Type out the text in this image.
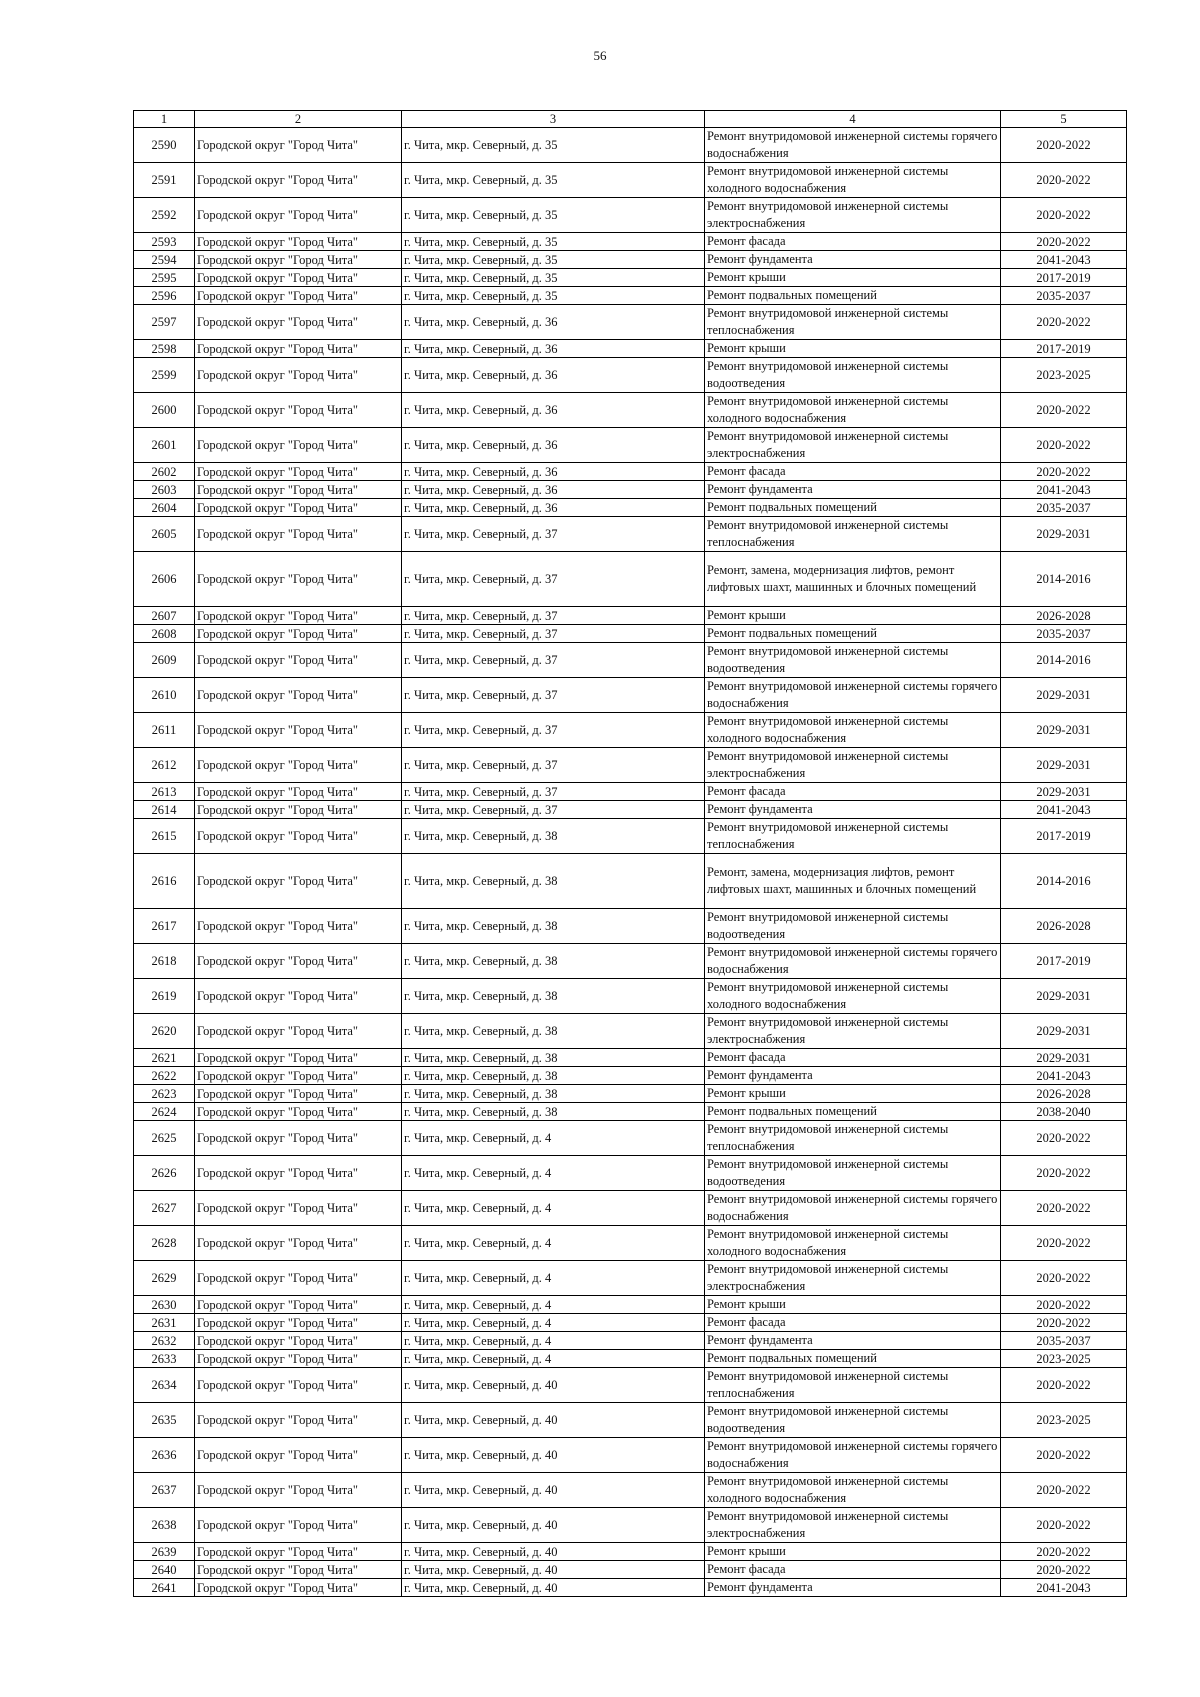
56
1	2	3	4	5
2590	Городской округ "Город Чита"	г. Чита, мкр. Северный, д. 35	Ремонт внутридомовой инженерной системы горячего водоснабжения	2020-2022
2591	Городской округ "Город Чита"	г. Чита, мкр. Северный, д. 35	Ремонт внутридомовой инженерной системы холодного водоснабжения	2020-2022
2592	Городской округ "Город Чита"	г. Чита, мкр. Северный, д. 35	Ремонт внутридомовой инженерной системы электроснабжения	2020-2022
2593	Городской округ "Город Чита"	г. Чита, мкр. Северный, д. 35	Ремонт фасада	2020-2022
2594	Городской округ "Город Чита"	г. Чита, мкр. Северный, д. 35	Ремонт фундамента	2041-2043
2595	Городской округ "Город Чита"	г. Чита, мкр. Северный, д. 35	Ремонт крыши	2017-2019
2596	Городской округ "Город Чита"	г. Чита, мкр. Северный, д. 35	Ремонт подвальных помещений	2035-2037
2597	Городской округ "Город Чита"	г. Чита, мкр. Северный, д. 36	Ремонт внутридомовой инженерной системы теплоснабжения	2020-2022
2598	Городской округ "Город Чита"	г. Чита, мкр. Северный, д. 36	Ремонт крыши	2017-2019
2599	Городской округ "Город Чита"	г. Чита, мкр. Северный, д. 36	Ремонт внутридомовой инженерной системы водоотведения	2023-2025
2600	Городской округ "Город Чита"	г. Чита, мкр. Северный, д. 36	Ремонт внутридомовой инженерной системы холодного водоснабжения	2020-2022
2601	Городской округ "Город Чита"	г. Чита, мкр. Северный, д. 36	Ремонт внутридомовой инженерной системы электроснабжения	2020-2022
2602	Городской округ "Город Чита"	г. Чита, мкр. Северный, д. 36	Ремонт фасада	2020-2022
2603	Городской округ "Город Чита"	г. Чита, мкр. Северный, д. 36	Ремонт фундамента	2041-2043
2604	Городской округ "Город Чита"	г. Чита, мкр. Северный, д. 36	Ремонт подвальных помещений	2035-2037
2605	Городской округ "Город Чита"	г. Чита, мкр. Северный, д. 37	Ремонт внутридомовой инженерной системы теплоснабжения	2029-2031
2606	Городской округ "Город Чита"	г. Чита, мкр. Северный, д. 37	Ремонт, замена, модернизация лифтов, ремонт лифтовых шахт, машинных и блочных помещений	2014-2016
2607	Городской округ "Город Чита"	г. Чита, мкр. Северный, д. 37	Ремонт крыши	2026-2028
2608	Городской округ "Город Чита"	г. Чита, мкр. Северный, д. 37	Ремонт подвальных помещений	2035-2037
2609	Городской округ "Город Чита"	г. Чита, мкр. Северный, д. 37	Ремонт внутридомовой инженерной системы водоотведения	2014-2016
2610	Городской округ "Город Чита"	г. Чита, мкр. Северный, д. 37	Ремонт внутридомовой инженерной системы горячего водоснабжения	2029-2031
2611	Городской округ "Город Чита"	г. Чита, мкр. Северный, д. 37	Ремонт внутридомовой инженерной системы холодного водоснабжения	2029-2031
2612	Городской округ "Город Чита"	г. Чита, мкр. Северный, д. 37	Ремонт внутридомовой инженерной системы электроснабжения	2029-2031
2613	Городской округ "Город Чита"	г. Чита, мкр. Северный, д. 37	Ремонт фасада	2029-2031
2614	Городской округ "Город Чита"	г. Чита, мкр. Северный, д. 37	Ремонт фундамента	2041-2043
2615	Городской округ "Город Чита"	г. Чита, мкр. Северный, д. 38	Ремонт внутридомовой инженерной системы теплоснабжения	2017-2019
2616	Городской округ "Город Чита"	г. Чита, мкр. Северный, д. 38	Ремонт, замена, модернизация лифтов, ремонт лифтовых шахт, машинных и блочных помещений	2014-2016
2617	Городской округ "Город Чита"	г. Чита, мкр. Северный, д. 38	Ремонт внутридомовой инженерной системы водоотведения	2026-2028
2618	Городской округ "Город Чита"	г. Чита, мкр. Северный, д. 38	Ремонт внутридомовой инженерной системы горячего водоснабжения	2017-2019
2619	Городской округ "Город Чита"	г. Чита, мкр. Северный, д. 38	Ремонт внутридомовой инженерной системы холодного водоснабжения	2029-2031
2620	Городской округ "Город Чита"	г. Чита, мкр. Северный, д. 38	Ремонт внутридомовой инженерной системы электроснабжения	2029-2031
2621	Городской округ "Город Чита"	г. Чита, мкр. Северный, д. 38	Ремонт фасада	2029-2031
2622	Городской округ "Город Чита"	г. Чита, мкр. Северный, д. 38	Ремонт фундамента	2041-2043
2623	Городской округ "Город Чита"	г. Чита, мкр. Северный, д. 38	Ремонт крыши	2026-2028
2624	Городской округ "Город Чита"	г. Чита, мкр. Северный, д. 38	Ремонт подвальных помещений	2038-2040
2625	Городской округ "Город Чита"	г. Чита, мкр. Северный, д. 4	Ремонт внутридомовой инженерной системы теплоснабжения	2020-2022
2626	Городской округ "Город Чита"	г. Чита, мкр. Северный, д. 4	Ремонт внутридомовой инженерной системы водоотведения	2020-2022
2627	Городской округ "Город Чита"	г. Чита, мкр. Северный, д. 4	Ремонт внутридомовой инженерной системы горячего водоснабжения	2020-2022
2628	Городской округ "Город Чита"	г. Чита, мкр. Северный, д. 4	Ремонт внутридомовой инженерной системы холодного водоснабжения	2020-2022
2629	Городской округ "Город Чита"	г. Чита, мкр. Северный, д. 4	Ремонт внутридомовой инженерной системы электроснабжения	2020-2022
2630	Городской округ "Город Чита"	г. Чита, мкр. Северный, д. 4	Ремонт крыши	2020-2022
2631	Городской округ "Город Чита"	г. Чита, мкр. Северный, д. 4	Ремонт фасада	2020-2022
2632	Городской округ "Город Чита"	г. Чита, мкр. Северный, д. 4	Ремонт фундамента	2035-2037
2633	Городской округ "Город Чита"	г. Чита, мкр. Северный, д. 4	Ремонт подвальных помещений	2023-2025
2634	Городской округ "Город Чита"	г. Чита, мкр. Северный, д. 40	Ремонт внутридомовой инженерной системы теплоснабжения	2020-2022
2635	Городской округ "Город Чита"	г. Чита, мкр. Северный, д. 40	Ремонт внутридомовой инженерной системы водоотведения	2023-2025
2636	Городской округ "Город Чита"	г. Чита, мкр. Северный, д. 40	Ремонт внутридомовой инженерной системы горячего водоснабжения	2020-2022
2637	Городской округ "Город Чита"	г. Чита, мкр. Северный, д. 40	Ремонт внутридомовой инженерной системы холодного водоснабжения	2020-2022
2638	Городской округ "Город Чита"	г. Чита, мкр. Северный, д. 40	Ремонт внутридомовой инженерной системы электроснабжения	2020-2022
2639	Городской округ "Город Чита"	г. Чита, мкр. Северный, д. 40	Ремонт крыши	2020-2022
2640	Городской округ "Город Чита"	г. Чита, мкр. Северный, д. 40	Ремонт фасада	2020-2022
2641	Городской округ "Город Чита"	г. Чита, мкр. Северный, д. 40	Ремонт фундамента	2041-2043
